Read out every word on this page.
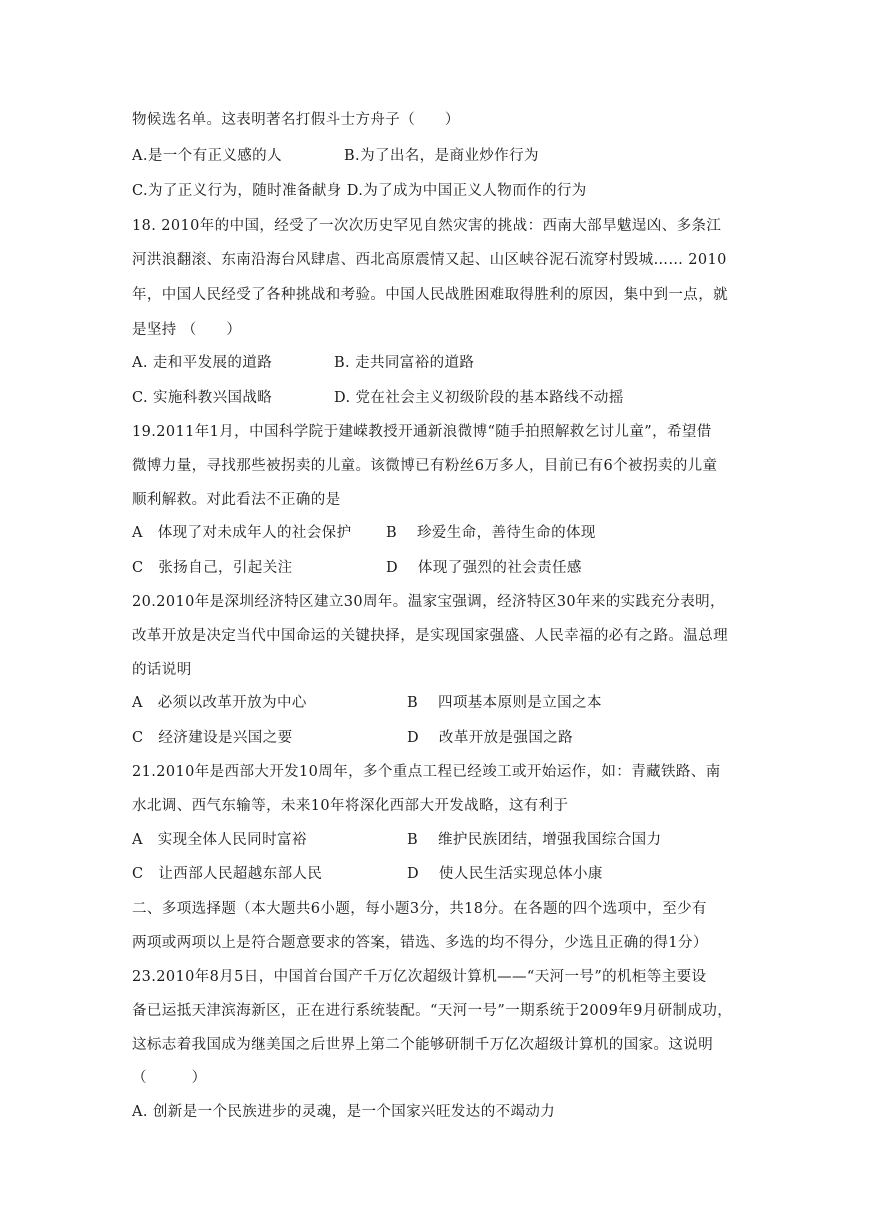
物候选名单。这表明著名打假斗士方舟子（　　）
A.是一个有正义感的人	B.为了出名，是商业炒作行为
C.为了正义行为，随时准备献身 D.为了成为中国正义人物而作的行为
18. 2010年的中国，经受了一次次历史罕见自然灾害的挑战：西南大部旱魃逞凶、多条江
河洪浪翻滚、东南沿海台风肆虐、西北高原震情又起、山区峡谷泥石流穿村毁城…… 2010
年，中国人民经受了各种挑战和考验。中国人民战胜困难取得胜利的原因，集中到一点，就
是坚持 （　　）
A. 走和平发展的道路	B. 走共同富裕的道路
C. 实施科教兴国战略	D. 党在社会主义初级阶段的基本路线不动摇
19.2011年1月，中国科学院于建嵘教授开通新浪微博“随手拍照解救乞讨儿童”，希望借
微博力量，寻找那些被拐卖的儿童。该微博已有粉丝6万多人，目前已有6个被拐卖的儿童
顺利解救。对此看法不正确的是
A　体现了对未成年人的社会保护 B　 珍爱生命，善待生命的体现
C　张扬自己，引起关注	D　 体现了强烈的社会责任感
20.2010年是深圳经济特区建立30周年。温家宝强调，经济特区30年来的实践充分表明，
改革开放是决定当代中国命运的关键抉择，是实现国家强盛、人民幸福的必有之路。温总理
的话说明
A　必须以改革开放为中心	B　 四项基本原则是立国之本
C　经济建设是兴国之要	D　 改革开放是强国之路
21.2010年是西部大开发10周年，多个重点工程已经竣工或开始运作，如：青藏铁路、南
水北调、西气东输等，未来10年将深化西部大开发战略，这有利于
A　实现全体人民同时富裕	B　 维护民族团结，增强我国综合国力
C　让西部人民超越东部人民	D　 使人民生活实现总体小康
二、多项选择题（本大题共6小题，每小题3分，共18分。在各题的四个选项中，至少有
两项或两项以上是符合题意要求的答案，错选、多选的均不得分，少选且正确的得1分）
23.2010年8月5日，中国首台国产千万亿次超级计算机——“天河一号”的机柜等主要设
备已运抵天津滨海新区，正在进行系统装配。“天河一号”一期系统于2009年9月研制成功，
这标志着我国成为继美国之后世界上第二个能够研制千万亿次超级计算机的国家。这说明
（　　　）
A. 创新是一个民族进步的灵魂，是一个国家兴旺发达的不竭动力
